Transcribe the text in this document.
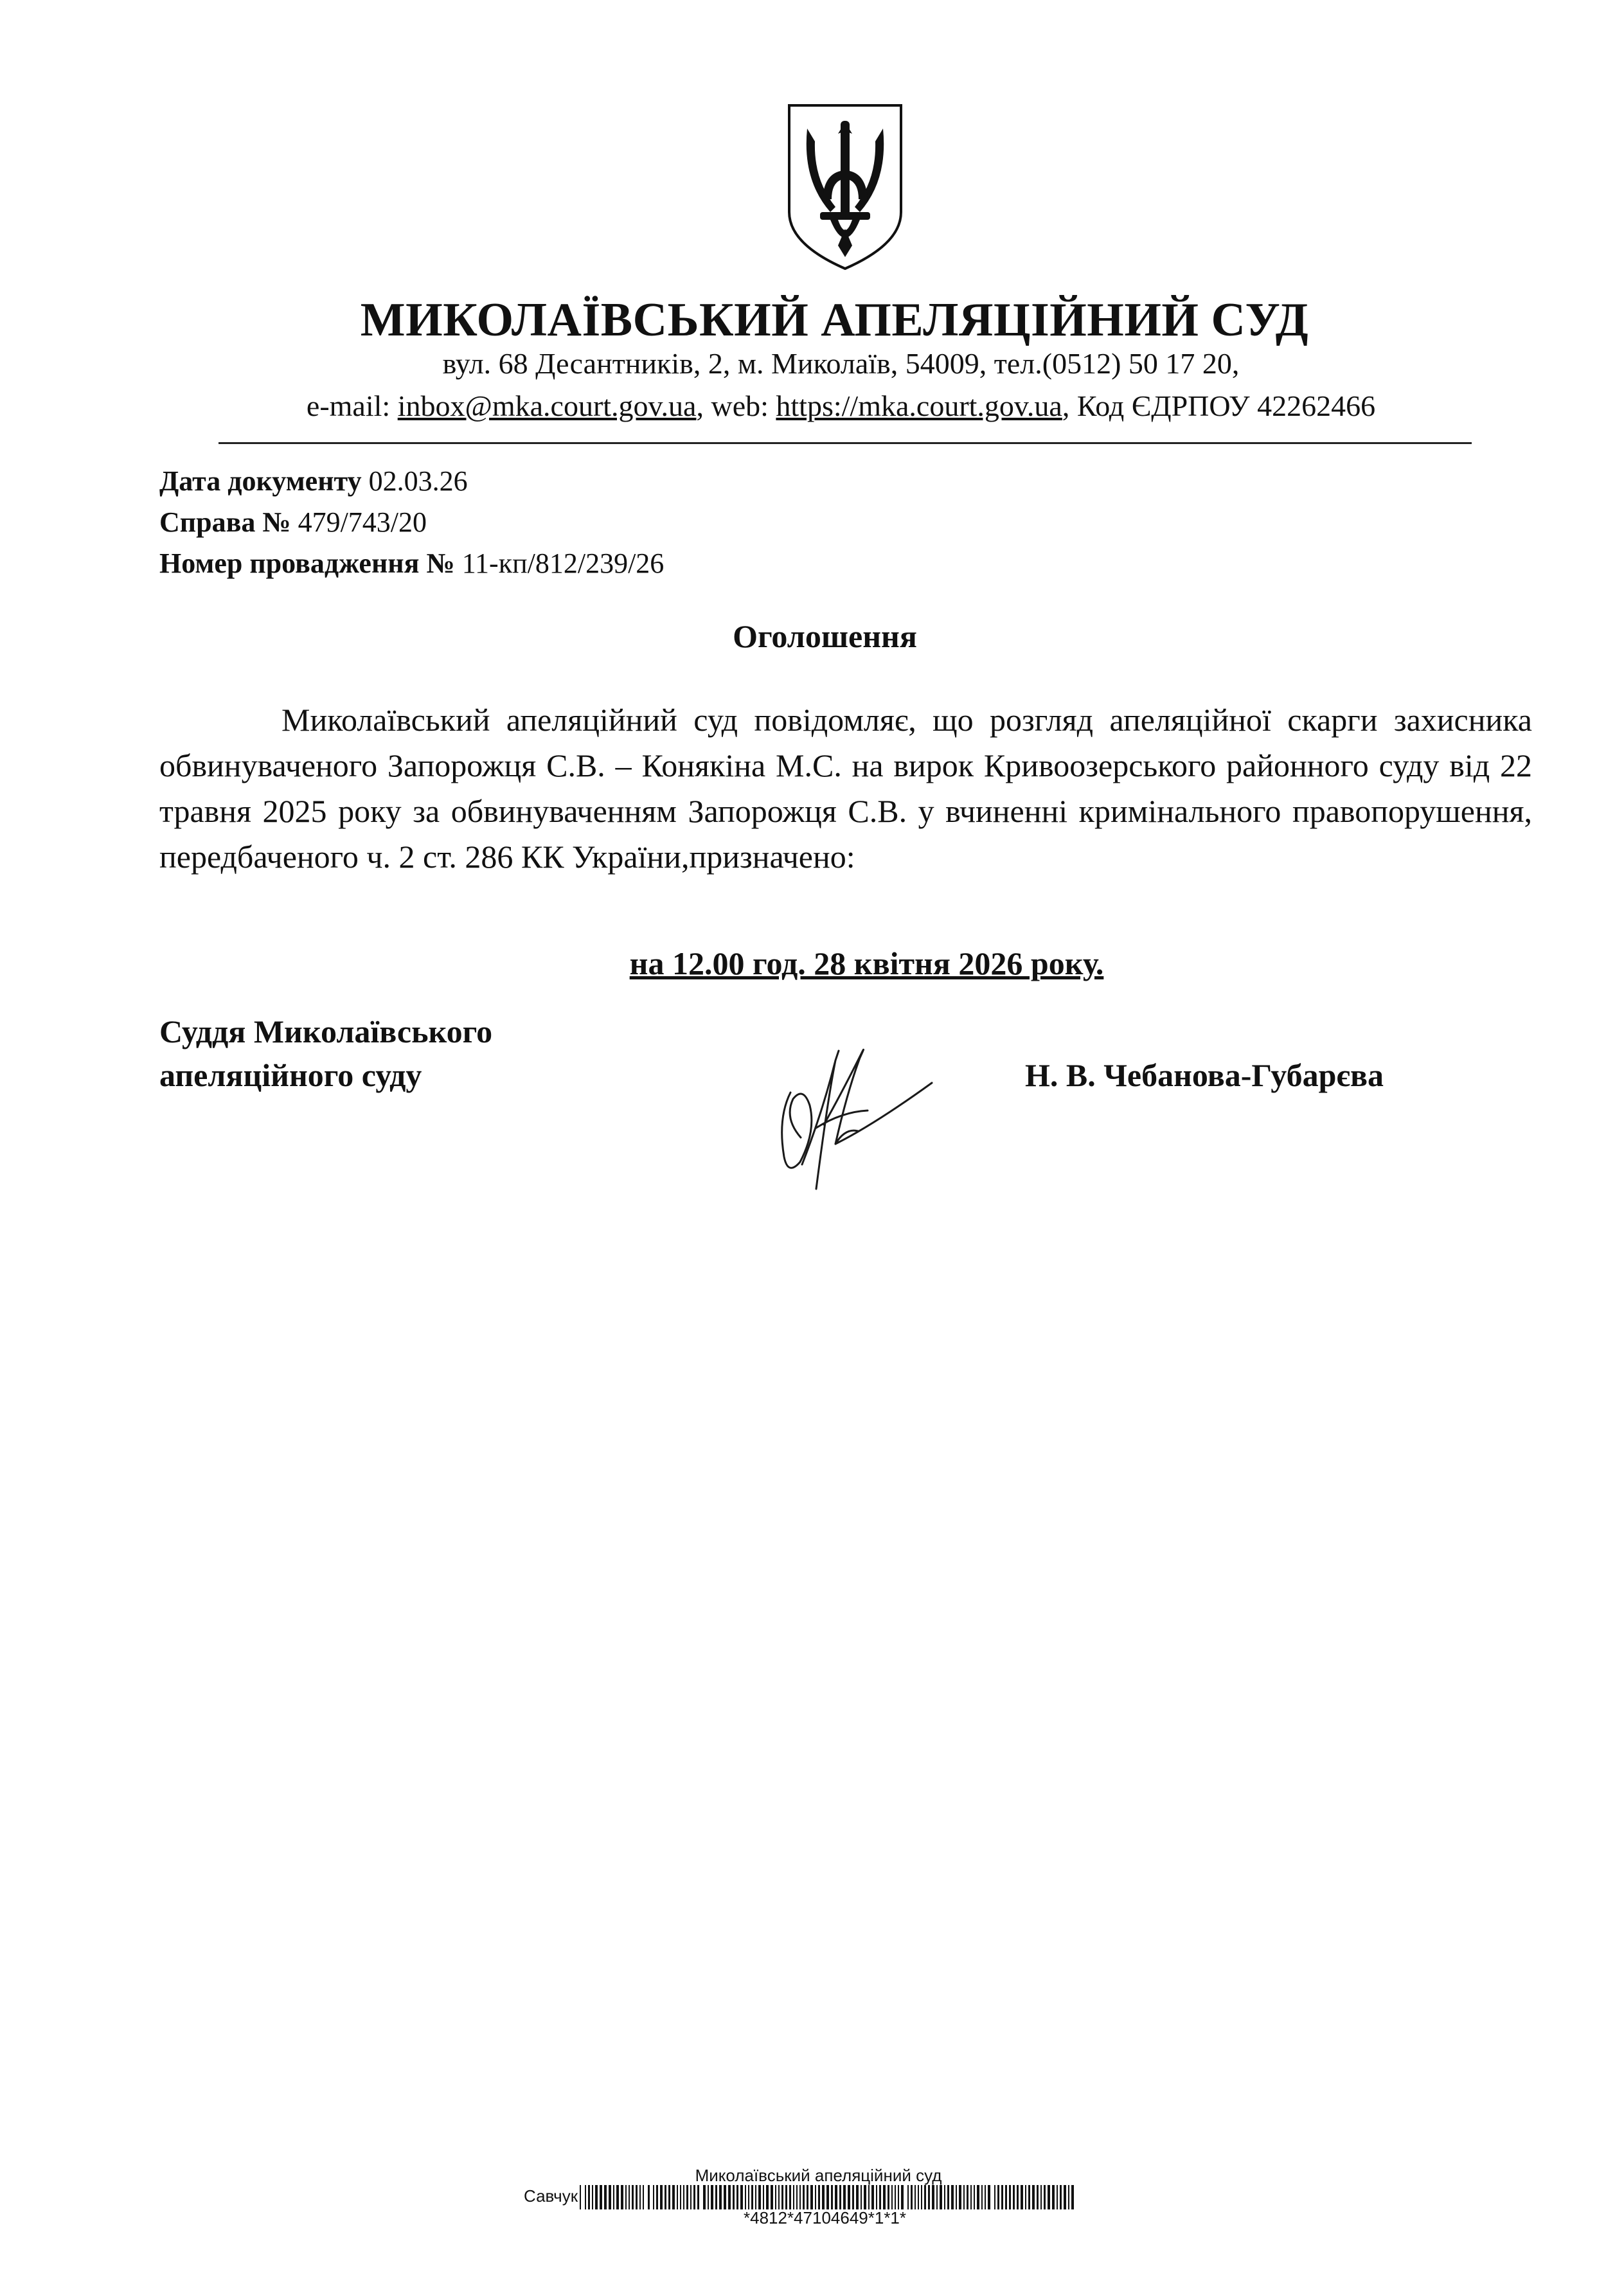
МИКОЛАЇВСЬКИЙ АПЕЛЯЦІЙНИЙ СУД
вул. 68 Десантників, 2, м. Миколаїв, 54009, тел.(0512) 50 17 20,
e-mail: inbox@mka.court.gov.ua, web: https://mka.court.gov.ua, Код ЄДРПОУ 42262466
Дата документу 02.03.26
Справа № 479/743/20
Номер провадження № 11-кп/812/239/26
Оголошення
Миколаївський апеляційний суд повідомляє, що розгляд апеляційної скарги захисника обвинуваченого Запорожця С.В. – Конякіна М.С. на вирок Кривоозерського районного суду від 22 травня 2025 року за обвинуваченням Запорожця С.В. у вчиненні кримінального правопорушення, передбаченого ч. 2 ст. 286 КК України,призначено:
на 12.00 год. 28 квітня 2026 року.
Суддя Миколаївського
апеляційного суду	Н. В. Чебанова-Губарєва
Миколаївський апеляційний суд
Савчук
*4812*47104649*1*1*
